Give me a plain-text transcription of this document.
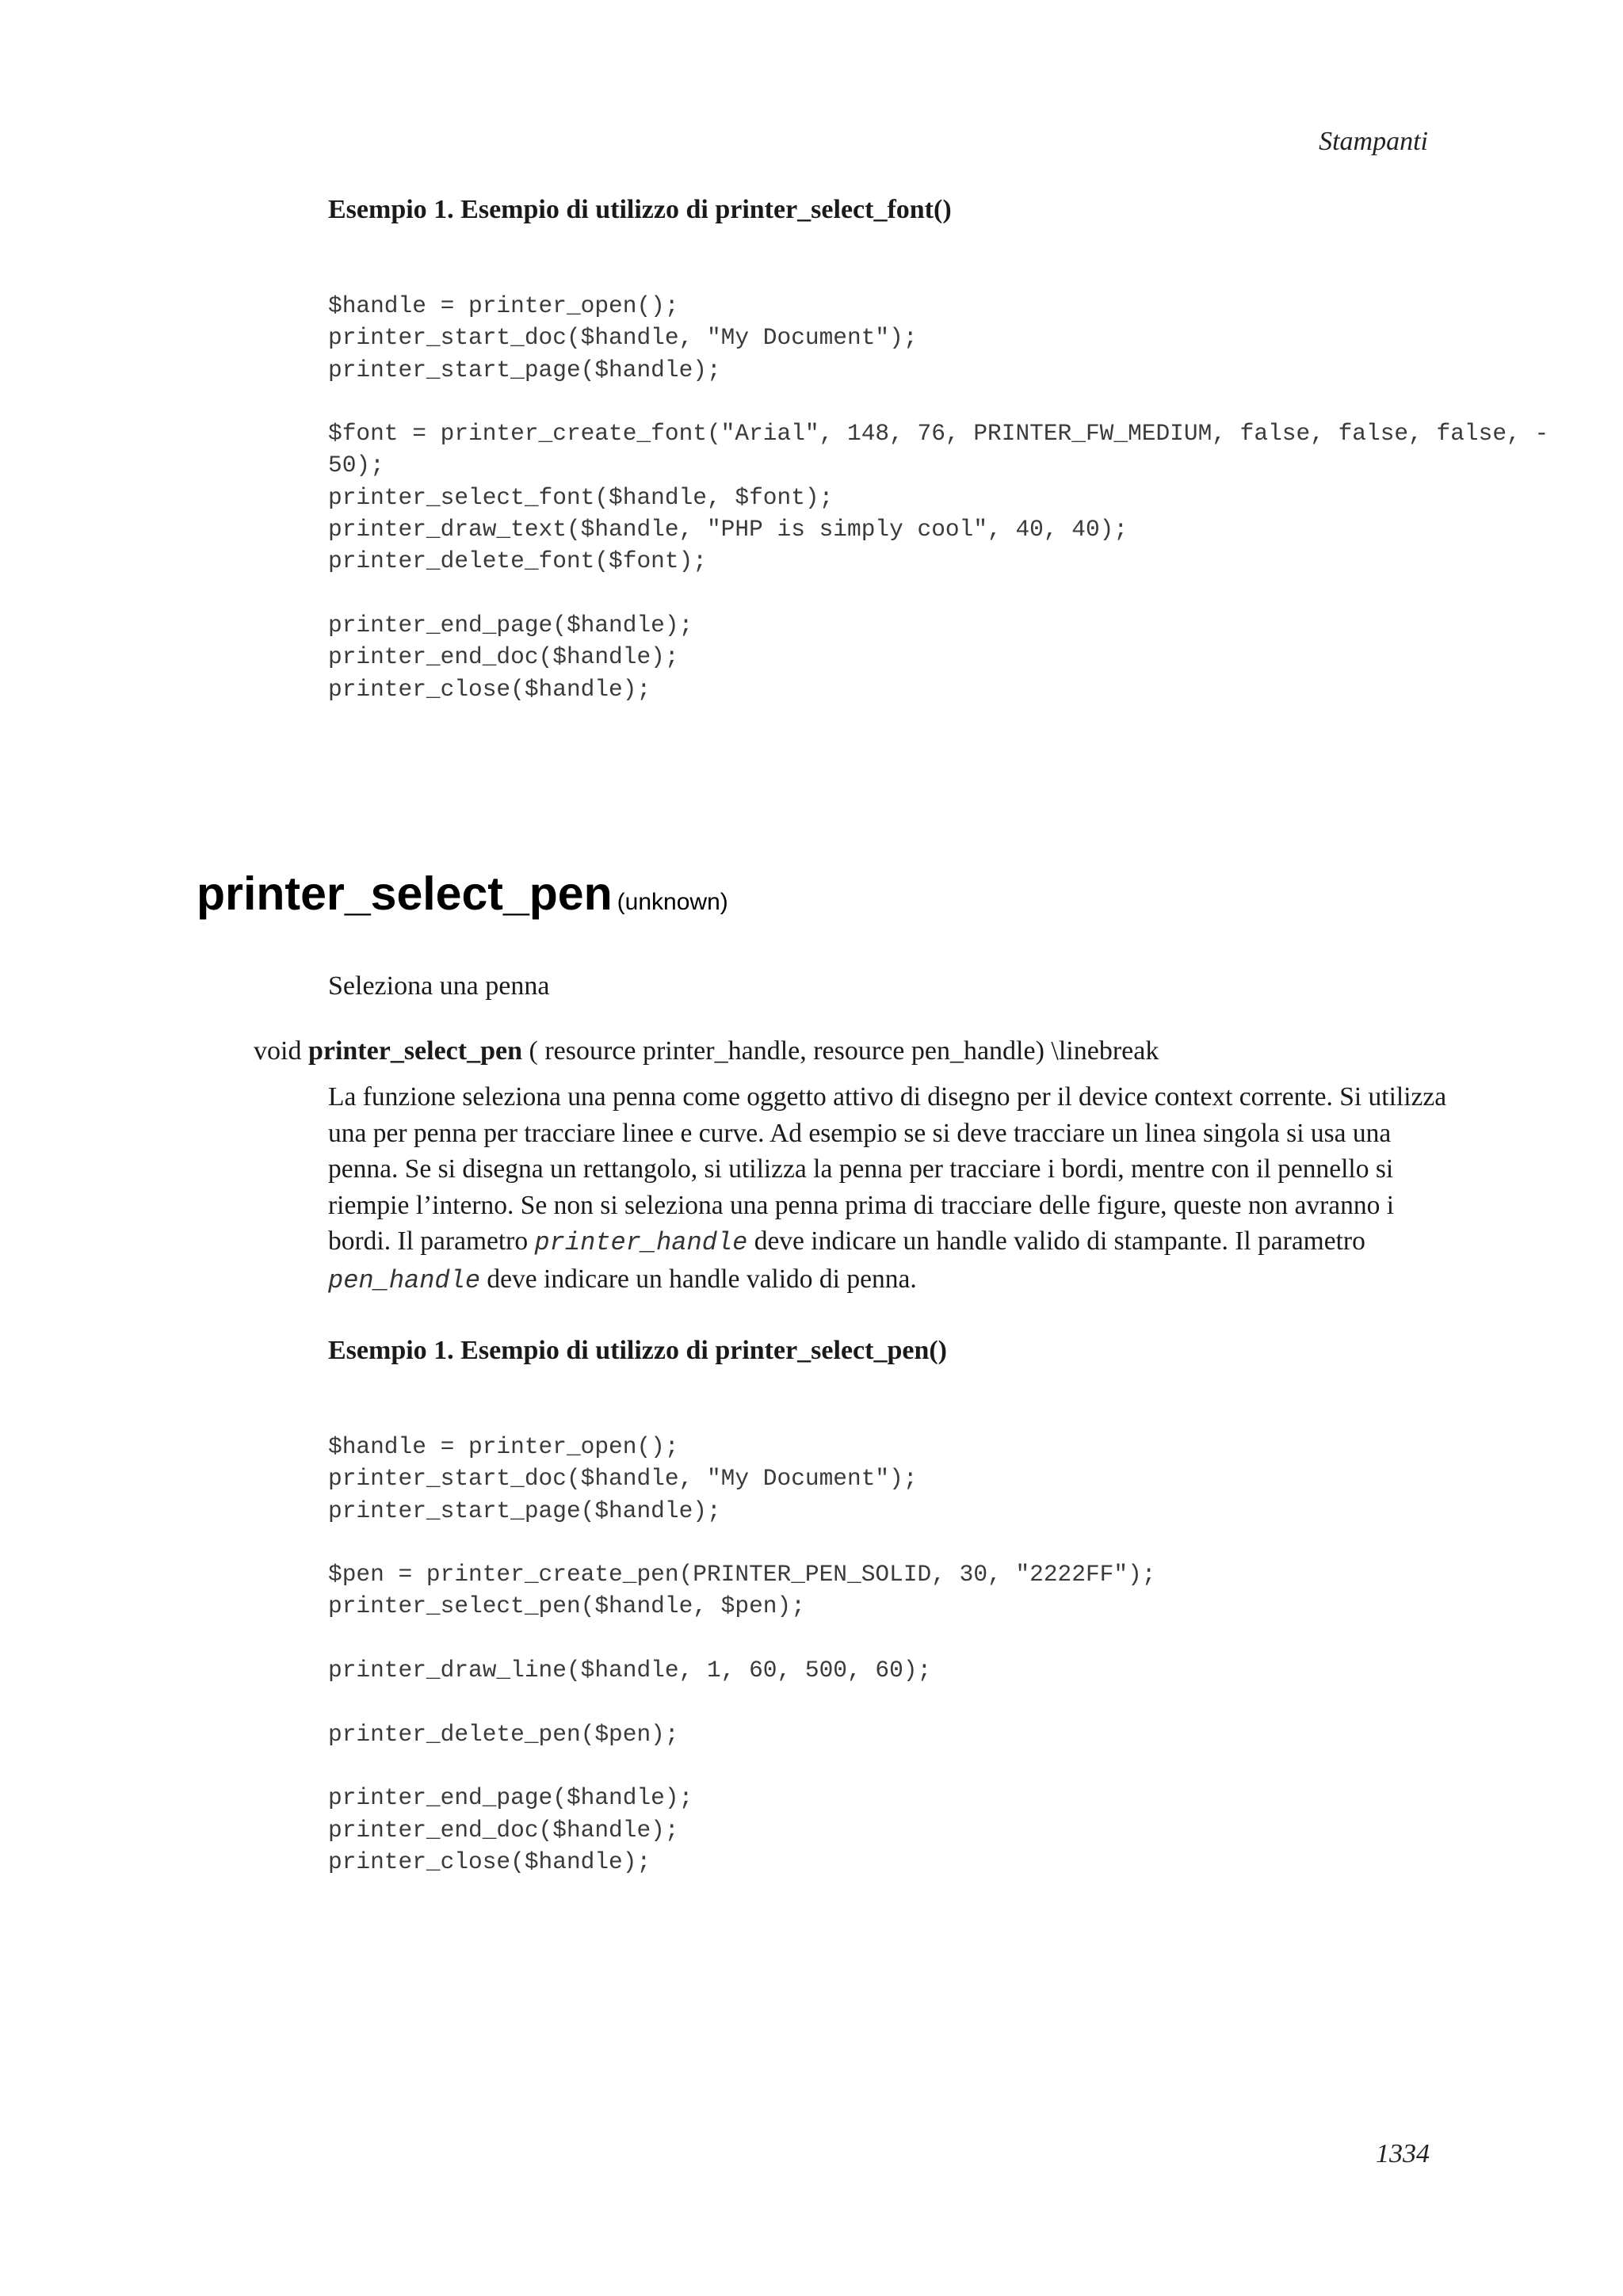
Stampanti
Esempio 1. Esempio di utilizzo di printer_select_font()
$handle = printer_open();
printer_start_doc($handle, "My Document");
printer_start_page($handle);

$font = printer_create_font("Arial", 148, 76, PRINTER_FW_MEDIUM, false, false, false, -
50);
printer_select_font($handle, $font);
printer_draw_text($handle, "PHP is simply cool", 40, 40);
printer_delete_font($font);

printer_end_page($handle);
printer_end_doc($handle);
printer_close($handle);
printer_select_pen (unknown)
Seleziona una penna
void printer_select_pen ( resource printer_handle, resource pen_handle) \linebreak

La funzione seleziona una penna come oggetto attivo di disegno per il device context corrente. Si utilizza una per penna per tracciare linee e curve. Ad esempio se si deve tracciare un linea singola si usa una penna. Se si disegna un rettangolo, si utilizza la penna per tracciare i bordi, mentre con il pennello si riempie l’interno. Se non si seleziona una penna prima di tracciare delle figure, queste non avranno i bordi. Il parametro printer_handle deve indicare un handle valido di stampante. Il parametro pen_handle deve indicare un handle valido di penna.

Esempio 1. Esempio di utilizzo di printer_select_pen()
$handle = printer_open();
printer_start_doc($handle, "My Document");
printer_start_page($handle);

$pen = printer_create_pen(PRINTER_PEN_SOLID, 30, "2222FF");
printer_select_pen($handle, $pen);

printer_draw_line($handle, 1, 60, 500, 60);

printer_delete_pen($pen);

printer_end_page($handle);
printer_end_doc($handle);
printer_close($handle);
1334
